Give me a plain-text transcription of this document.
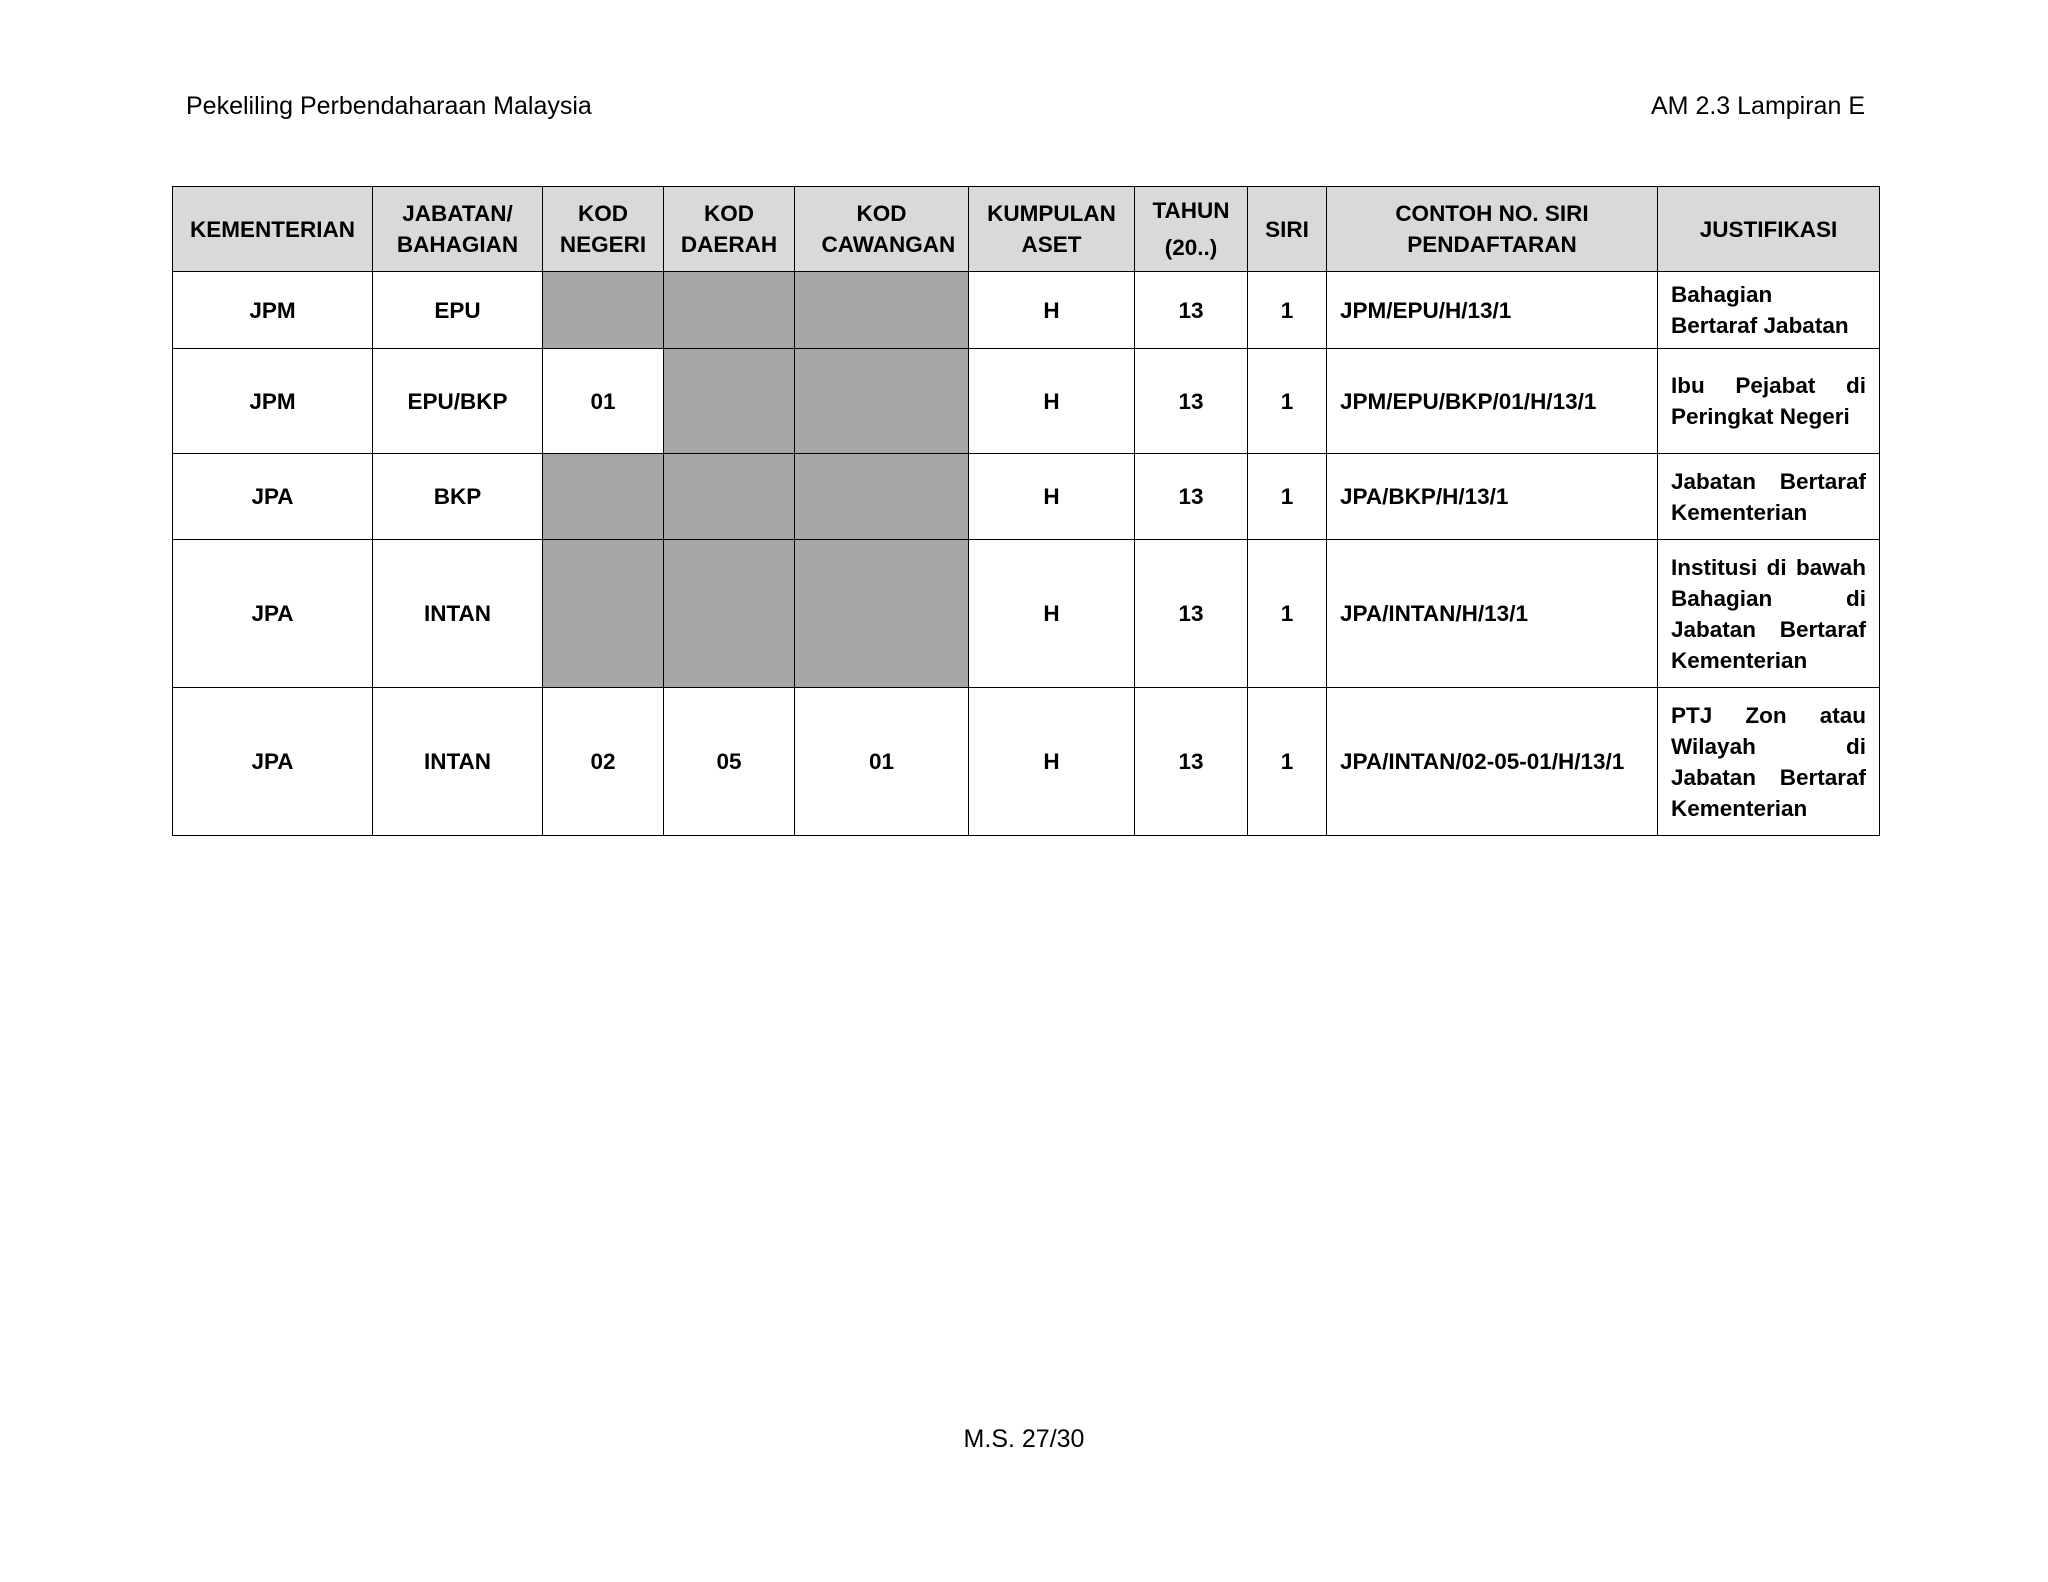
Pekeliling Perbendaharaan Malaysia	AM 2.3 Lampiran E
KEMENTERIAN	JABATAN/ BAHAGIAN	KOD NEGERI	KOD DAERAH	KOD CAWANGAN	KUMPULAN ASET	TAHUN (20..)	SIRI	CONTOH NO. SIRI PENDAFTARAN	JUSTIFIKASI
JPM	EPU				H	13	1	JPM/EPU/H/13/1	Bahagian Bertaraf Jabatan

JPM	EPU/BKP	01			H	13	1	JPM/EPU/BKP/01/H/13/1	Ibu Pejabat di Peringkat Negeri
JPA	BKP				H	13	1	JPA/BKP/H/13/1	Jabatan Bertaraf Kementerian
JPA	INTAN				H	13	1	JPA/INTAN/H/13/1	Institusi di bawah Bahagian di Jabatan Bertaraf Kementerian
JPA	INTAN	02	05	01	H	13	1	JPA/INTAN/02-05-01/H/13/1	PTJ Zon atau Wilayah di Jabatan Bertaraf Kementerian
M.S. 27/30
